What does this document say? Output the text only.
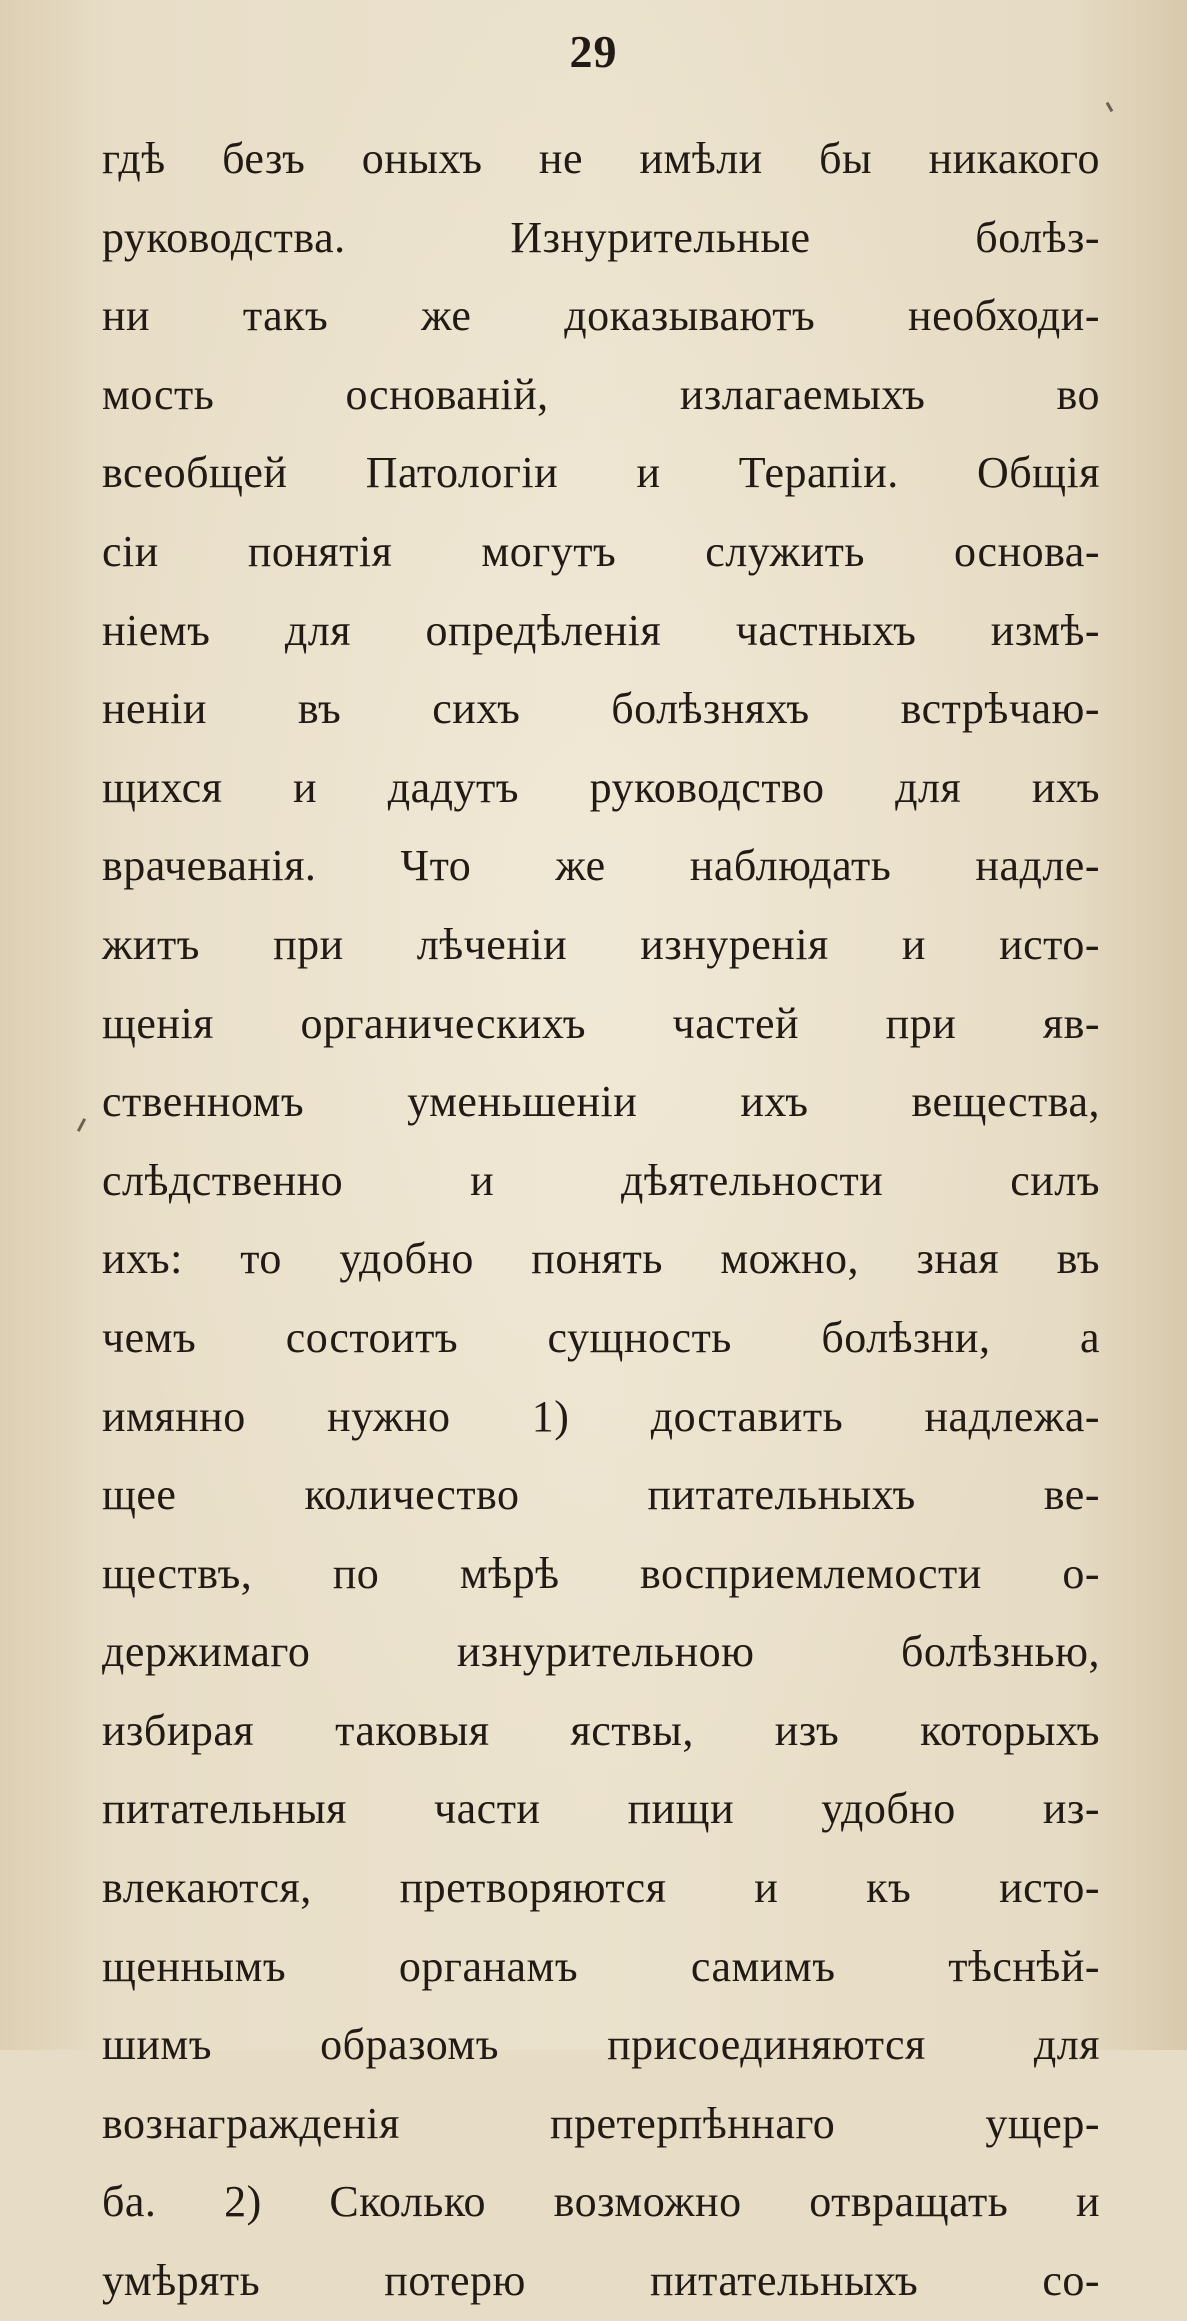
29
гдѣ безъ оныхъ не имѣли бы никакого
руководства. Изнурительные болѣз-
ни такъ же доказываютъ необходи-
мость основаній, излагаемыхъ во
всеобщей Патологіи и Терапіи. Общія
сіи понятія могутъ служить основа-
ніемъ для опредѣленія частныхъ измѣ-
неніи въ сихъ болѣзняхъ встрѣчаю-
щихся и дадутъ руководство для ихъ
врачеванія. Что же наблюдать надле-
житъ при лѣченіи изнуренія и исто-
щенія органическихъ частей при яв-
ственномъ уменьшеніи ихъ вещества,
слѣдственно и дѣятельности силъ
ихъ: то удобно понять можно, зная въ
чемъ состоитъ сущность болѣзни, а
имянно нужно 1) доставить надлежа-
щее количество питательныхъ ве-
ществъ, по мѣрѣ восприемлемости о-
держимаго изнурительною болѣзнью,
избирая таковыя яствы, изъ которыхъ
питательныя части пищи удобно из-
влекаются, претворяются и къ исто-
щеннымъ органамъ самимъ тѣснѣй-
шимъ образомъ присоединяются для
вознагражденія претерпѣннаго ущер-
ба. 2) Сколько возможно отвращать и
умѣрять потерю питательныхъ со-
